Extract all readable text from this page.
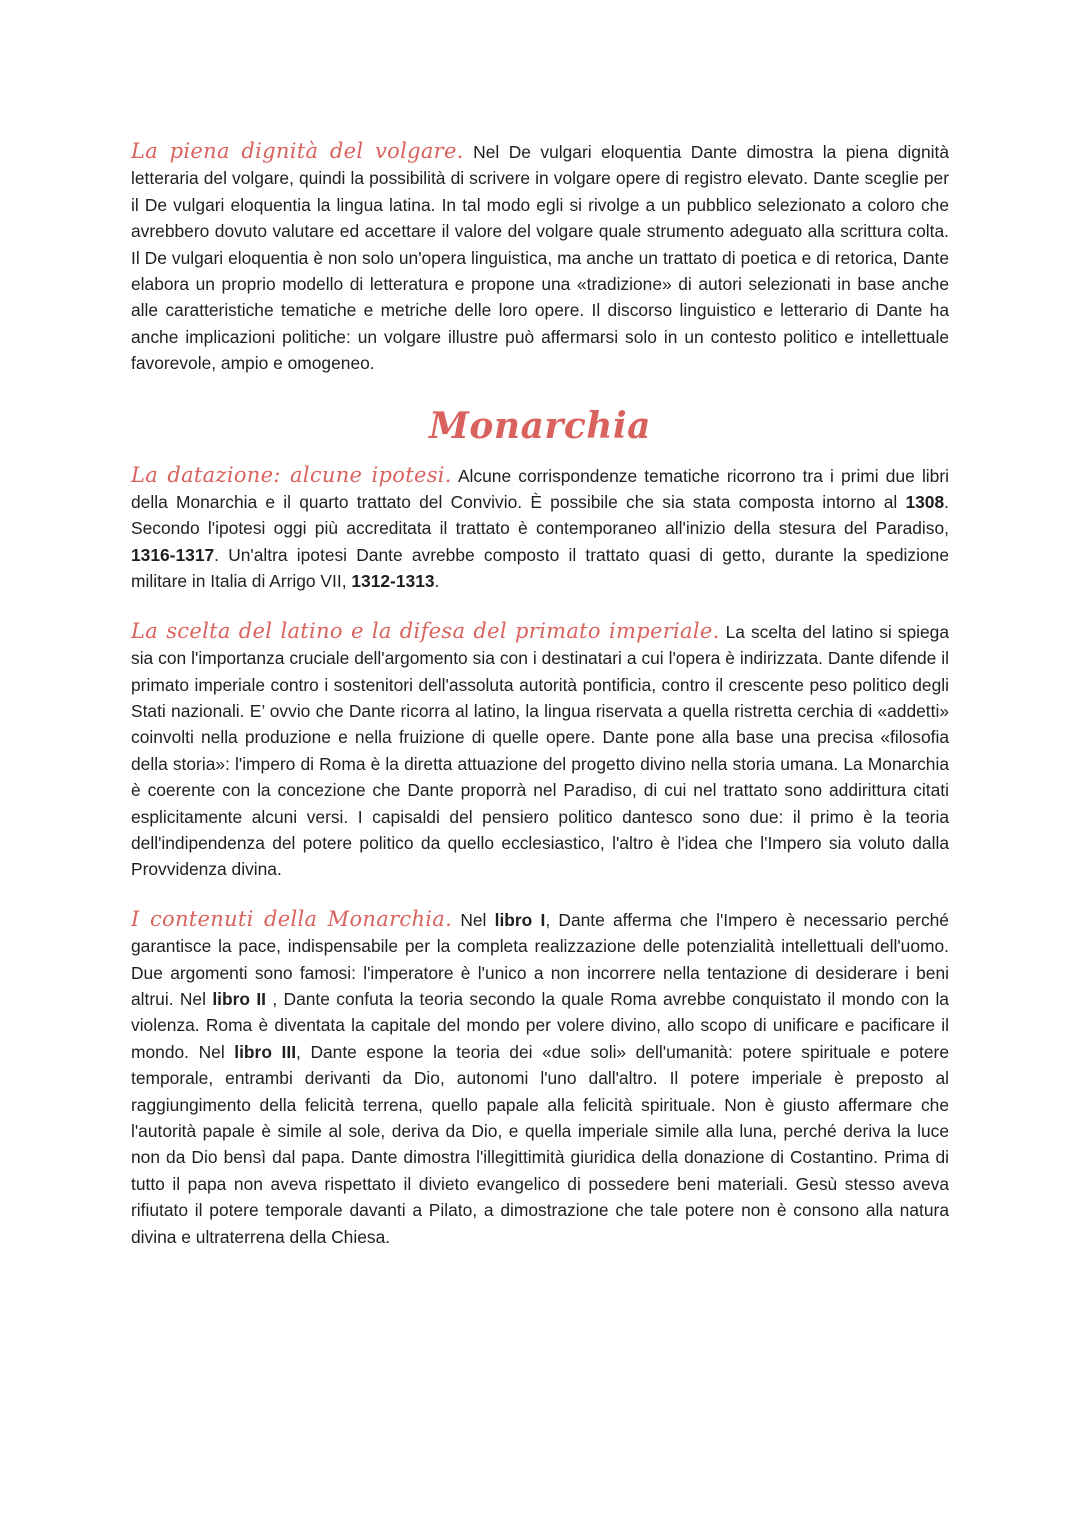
La piena dignità del volgare. Nel De vulgari eloquentia Dante dimostra la piena dignità letteraria del volgare, quindi la possibilità di scrivere in volgare opere di registro elevato. Dante sceglie per il De vulgari eloquentia la lingua latina. In tal modo egli si rivolge a un pubblico selezionato a coloro che avrebbero dovuto valutare ed accettare il valore del volgare quale strumento adeguato alla scrittura colta. Il De vulgari eloquentia è non solo un'opera linguistica, ma anche un trattato di poetica e di retorica, Dante elabora un proprio modello di letteratura e propone una «tradizione» di autori selezionati in base anche alle caratteristiche tematiche e metriche delle loro opere. Il discorso linguistico e letterario di Dante ha anche implicazioni politiche: un volgare illustre può affermarsi solo in un contesto politico e intellettuale favorevole, ampio e omogeneo.

Monarchia

La datazione: alcune ipotesi. Alcune corrispondenze tematiche ricorrono tra i primi due libri della Monarchia e il quarto trattato del Convivio. È possibile che sia stata composta intorno al 1308. Secondo l'ipotesi oggi più accreditata il trattato è contemporaneo all'inizio della stesura del Paradiso, 1316-1317. Un'altra ipotesi Dante avrebbe composto il trattato quasi di getto, durante la spedizione militare in Italia di Arrigo VII, 1312-1313.

La scelta del latino e la difesa del primato imperiale. La scelta del latino si spiega sia con l'importanza cruciale dell'argomento sia con i destinatari a cui l'opera è indirizzata. Dante difende il primato imperiale contro i sostenitori dell'assoluta autorità pontificia, contro il crescente peso politico degli Stati nazionali. E’ ovvio che Dante ricorra al latino, la lingua riservata a quella ristretta cerchia di «addetti» coinvolti nella produzione e nella fruizione di quelle opere. Dante pone alla base una precisa «filosofia della storia»: l'impero di Roma è la diretta attuazione del progetto divino nella storia umana. La Monarchia è coerente con la concezione che Dante proporrà nel Paradiso, di cui nel trattato sono addirittura citati esplicitamente alcuni versi. I capisaldi del pensiero politico dantesco sono due: il primo è la teoria dell'indipendenza del potere politico da quello ecclesiastico, l'altro è l'idea che l'Impero sia voluto dalla Provvidenza divina.

I contenuti della Monarchia. Nel libro I, Dante afferma che l'Impero è necessario perché garantisce la pace, indispensabile per la completa realizzazione delle potenzialità intellettuali dell'uomo. Due argomenti sono famosi: l'imperatore è l'unico a non incorrere nella tentazione di desiderare i beni altrui. Nel libro II , Dante confuta la teoria secondo la quale Roma avrebbe conquistato il mondo con la violenza. Roma è diventata la capitale del mondo per volere divino, allo scopo di unificare e pacificare il mondo. Nel libro III, Dante espone la teoria dei «due soli» dell'umanità: potere spirituale e potere temporale, entrambi derivanti da Dio, autonomi l'uno dall'altro. Il potere imperiale è preposto al raggiungimento della felicità terrena, quello papale alla felicità spirituale. Non è giusto affermare che l'autorità papale è simile al sole, deriva da Dio, e quella imperiale simile alla luna, perché deriva la luce non da Dio bensì dal papa. Dante dimostra l'illegittimità giuridica della donazione di Costantino. Prima di tutto il papa non aveva rispettato il divieto evangelico di possedere beni materiali. Gesù stesso aveva rifiutato il potere temporale davanti a Pilato, a dimostrazione che tale potere non è consono alla natura divina e ultraterrena della Chiesa.
